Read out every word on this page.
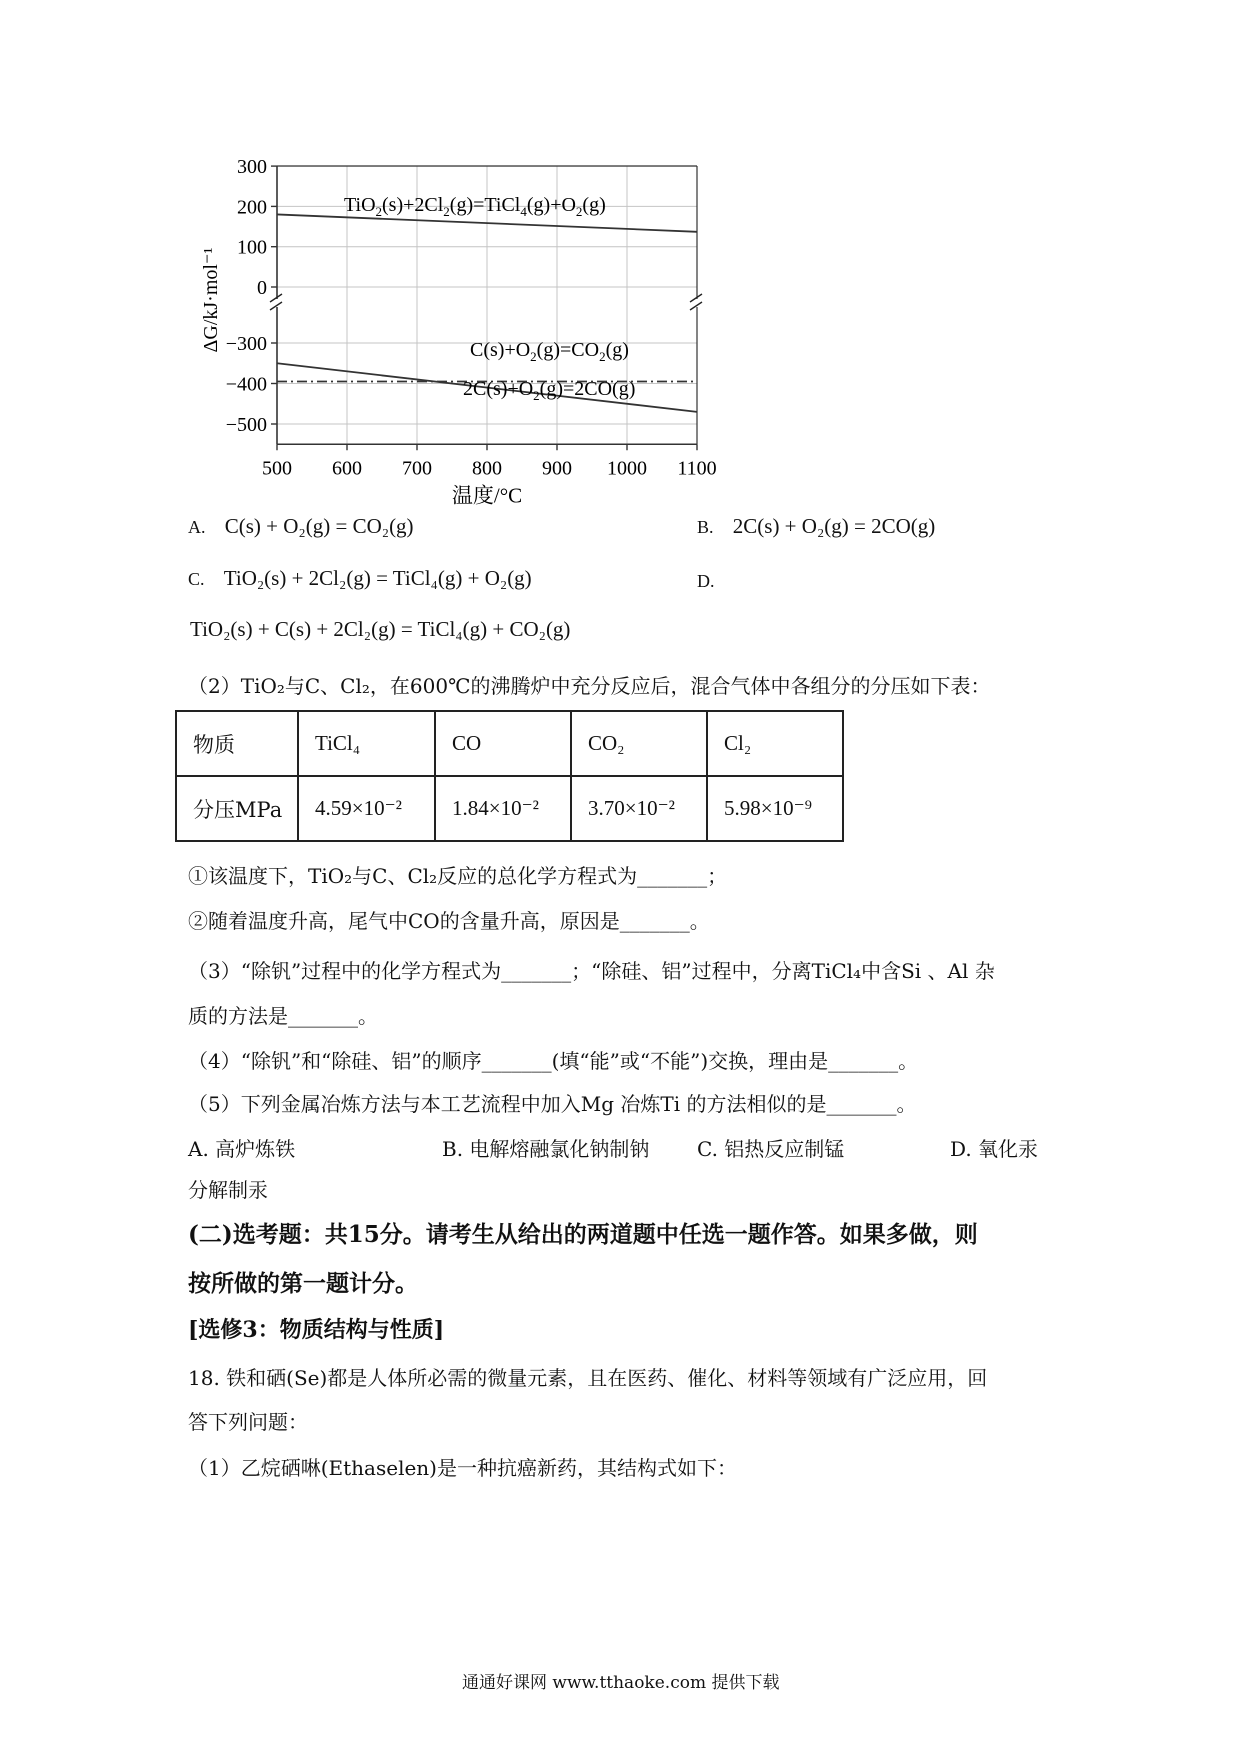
300
200
100
0
−300
−400
−500
500 600 700 800 900 1000 1100
$TiO_2(s)+2Cl_2(g)=TiCl_4(g)+O_2(g)$
$C(s)+O_2(g)=CO_2(g)$
$2C(s)+O_2(g)=2CO(g)$
温度/°C
ΔG/kJ·mol⁻¹
A. C(s) + O₂(g) = CO₂(g)	B. 2C(s) + O₂(g) = 2CO(g)
C. TiO₂(s) + 2Cl₂(g) = TiCl₄(g) + O₂(g)	D.
TiO₂(s) + C(s) + 2Cl₂(g) = TiCl₄(g) + CO₂(g)
（2）TiO₂与C、Cl₂，在600℃的沸腾炉中充分反应后，混合气体中各组分的分压如下表：
物质	TiCl₄	CO	CO₂	Cl₂
分压MPa	4.59×10⁻²	1.84×10⁻²	3.70×10⁻²	5.98×10⁻⁹
①该温度下，TiO₂与C、Cl₂反应的总化学方程式为_______；
②随着温度升高，尾气中CO的含量升高，原因是_______。
（3）“除钒”过程中的化学方程式为_______；“除硅、铝”过程中，分离TiCl₄中含Si 、Al 杂
质的方法是_______。
（4）“除钒”和“除硅、铝”的顺序_______(填“能”或“不能”)交换，理由是_______。
（5）下列金属冶炼方法与本工艺流程中加入Mg 冶炼Ti 的方法相似的是_______。
A. 高炉炼铁	B. 电解熔融氯化钠制钠 C. 铝热反应制锰	D. 氧化汞
分解制汞
(二)选考题：共15分。请考生从给出的两道题中任选一题作答。如果多做，则
按所做的第一题计分。
[选修3：物质结构与性质]
18. 铁和硒(Se)都是人体所必需的微量元素，且在医药、催化、材料等领域有广泛应用，回
答下列问题：
（1）乙烷硒啉(Ethaselen)是一种抗癌新药，其结构式如下：
通通好课网 www.tthaoke.com 提供下载
